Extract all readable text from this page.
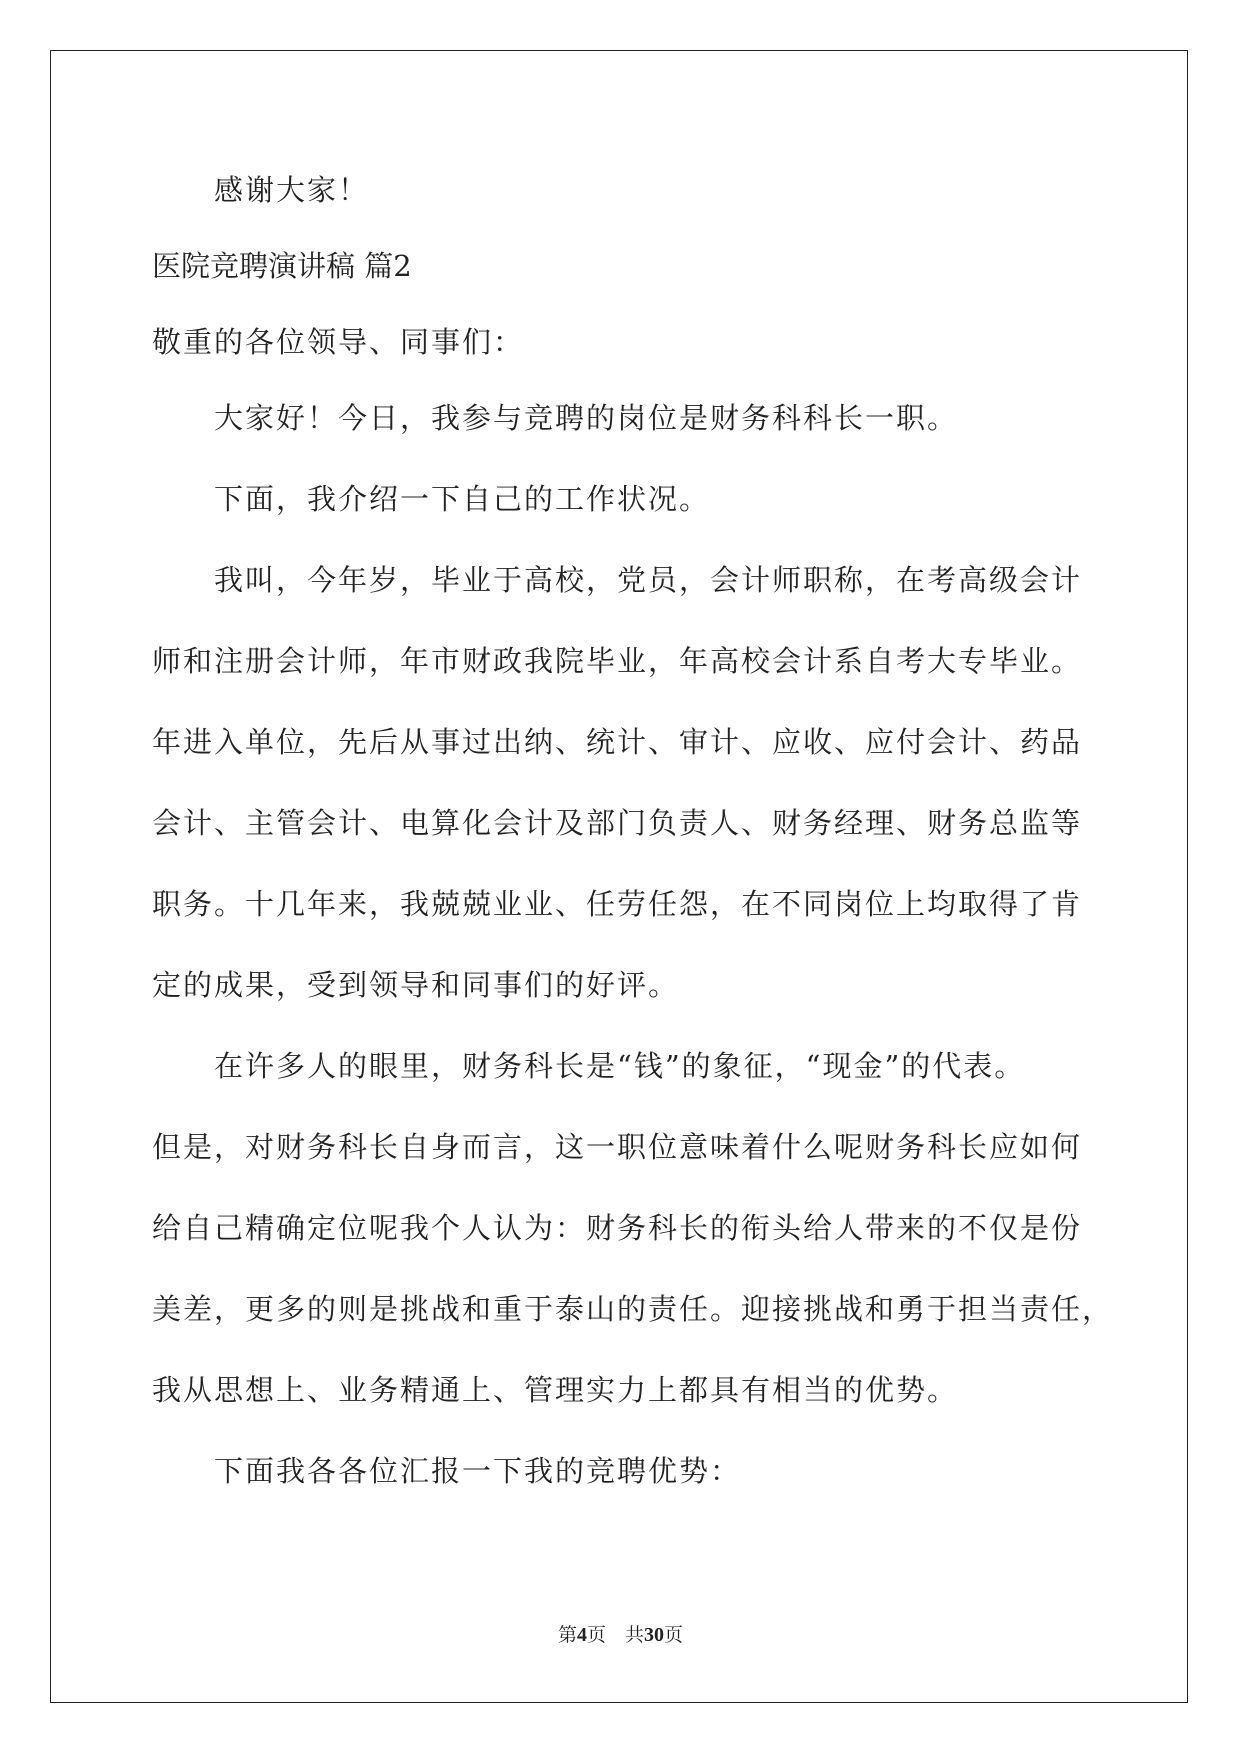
感谢大家！
医院竞聘演讲稿 篇2
敬重的各位领导、同事们：
大家好！今日，我参与竞聘的岗位是财务科科长一职。
下面，我介绍一下自己的工作状况。
我叫，今年岁，毕业于高校，党员，会计师职称，在考高级会计
师和注册会计师，年市财政我院毕业，年高校会计系自考大专毕业。
年进入单位，先后从事过出纳、统计、审计、应收、应付会计、药品
会计、主管会计、电算化会计及部门负责人、财务经理、财务总监等
职务。十几年来，我兢兢业业、任劳任怨，在不同岗位上均取得了肯
定的成果，受到领导和同事们的好评。
在许多人的眼里，财务科长是“钱”的象征，“现金”的代表。
但是，对财务科长自身而言，这一职位意味着什么呢财务科长应如何
给自己精确定位呢我个人认为：财务科长的衔头给人带来的不仅是份
美差，更多的则是挑战和重于泰山的责任。迎接挑战和勇于担当责任，
我从思想上、业务精通上、管理实力上都具有相当的优势。
下面我各各位汇报一下我的竞聘优势：
第4页　共30页
